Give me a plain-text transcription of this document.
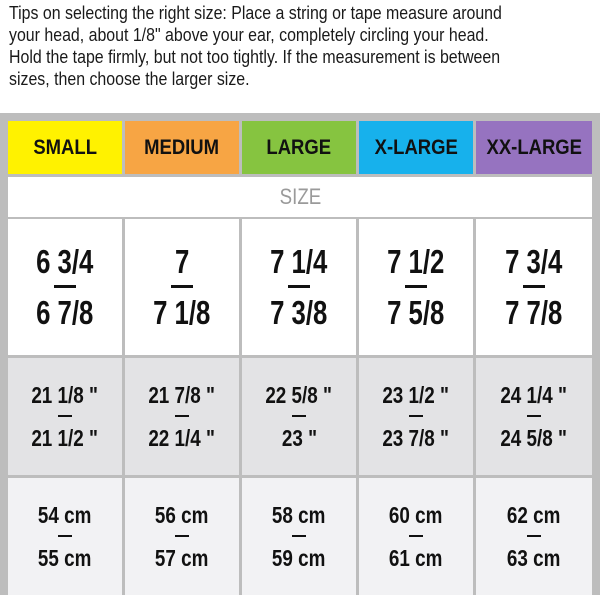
Tips on selecting the right size: Place a string or tape measure around
your head, about 1/8" above your ear, completely circling your head.
Hold the tape firmly, but not too tightly. If the measurement is between
sizes, then choose the larger size.
SMALL MEDIUM LARGE X-LARGE XX-LARGE
SIZE
6 3/4
6 7/8
7
7 1/8
7 1/4
7 3/8
7 1/2
7 5/8
7 3/4
7 7/8
21 1/8 "
21 1/2 "
21 7/8 "
22 1/4 "
22 5/8 "
23 "
23 1/2 "
23 7/8 "
24 1/4 "
24 5/8 "
54 cm
55 cm
56 cm
57 cm
58 cm
59 cm
60 cm
61 cm
62 cm
63 cm
